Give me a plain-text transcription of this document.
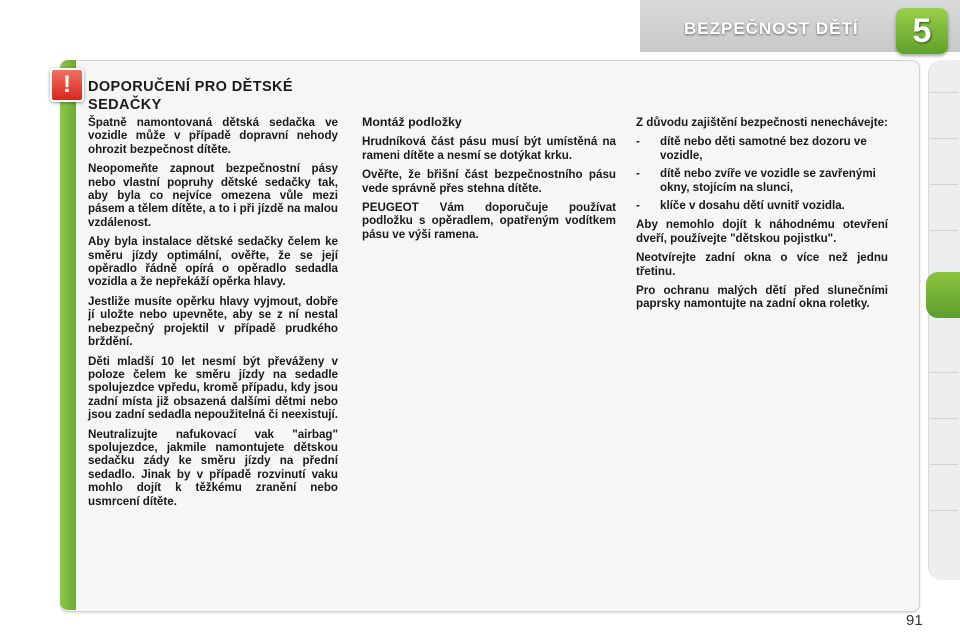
BEZPEČNOST DĚTÍ	5
!	DOPORUČENÍ PRO DĚTSKÉ SEDAČKY

Špatně namontovaná dětská sedačka ve vozidle může v případě dopravní nehody ohrozit bezpečnost dítěte.

Neopomeňte zapnout bezpečnostní pásy nebo vlastní popruhy dětské sedačky tak, aby byla co nejvíce omezena vůle mezi pásem a tělem dítěte, a to i při jízdě na malou vzdálenost.

Aby byla instalace dětské sedačky čelem ke směru jízdy optimální, ověřte, že se její opěradlo řádně opírá o opěradlo sedadla vozidla a že nepřekáží opěrka hlavy.

Jestliže musíte opěrku hlavy vyjmout, dobře jí uložte nebo upevněte, aby se z ní nestal nebezpečný projektil v případě prudkého brždění.

Děti mladší 10 let nesmí být převáženy v poloze čelem ke směru jízdy na sedadle spolujezdce vpředu, kromě případu, kdy jsou zadní místa již obsazená dalšími dětmi nebo jsou zadní sedadla nepoužitelná či neexistují.

Neutralizujte nafukovací vak "airbag" spolujezdce, jakmile namontujete dětskou sedačku zády ke směru jízdy na přední sedadlo. Jinak by v případě rozvinutí vaku mohlo dojít k těžkému zranění nebo usmrcení dítěte.

Montáž podložky

Hrudníková část pásu musí být umístěná na rameni dítěte a nesmí se dotýkat krku.

Ověřte, že břišní část bezpečnostního pásu vede správně přes stehna dítěte.

PEUGEOT Vám doporučuje používat podložku s opěradlem, opatřeným vodítkem pásu ve výši ramena.

Z důvodu zajištění bezpečnosti nenechávejte:

- dítě nebo děti samotné bez dozoru ve vozidle,
- dítě nebo zvíře ve vozidle se zavřenými okny, stojícím na slunci,
- klíče v dosahu dětí uvnitř vozidla.

Aby nemohlo dojít k náhodnému otevření dveří, používejte "dětskou pojistku".

Neotvírejte zadní okna o více než jednu třetinu.

Pro ochranu malých dětí před slunečními paprsky namontujte na zadní okna roletky.

91
